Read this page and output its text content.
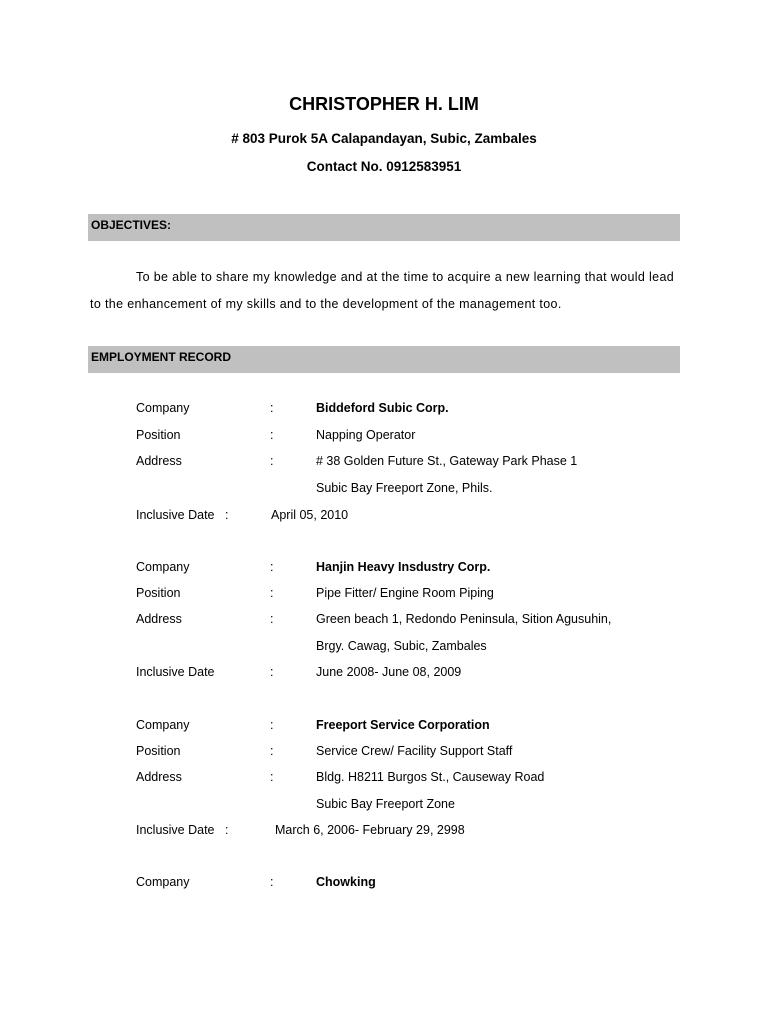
CHRISTOPHER H. LIM
# 803 Purok 5A Calapandayan, Subic, Zambales
Contact No. 0912583951
OBJECTIVES:
To be able to share my knowledge and at the time to acquire a new learning that would lead
to the enhancement of my skills and to the development of the management too.
EMPLOYMENT RECORD
Company	:	Biddeford Subic Corp.
Position	:	Napping Operator
Address	:	# 38 Golden Future St., Gateway Park Phase 1
Subic Bay Freeport Zone, Phils.
Inclusive Date :	April 05, 2010
Company	:	Hanjin Heavy Insdustry Corp.
Position	:	Pipe Fitter/ Engine Room Piping
Address	:	Green beach 1, Redondo Peninsula, Sition Agusuhin,
Brgy. Cawag, Subic, Zambales
Inclusive Date	:	June 2008- June 08, 2009
Company	:	Freeport Service Corporation
Position	:	Service Crew/ Facility Support Staff
Address	:	Bldg. H8211 Burgos St., Causeway Road
Subic Bay Freeport Zone
Inclusive Date :	March 6, 2006- February 29, 2998
Company	:	Chowking
